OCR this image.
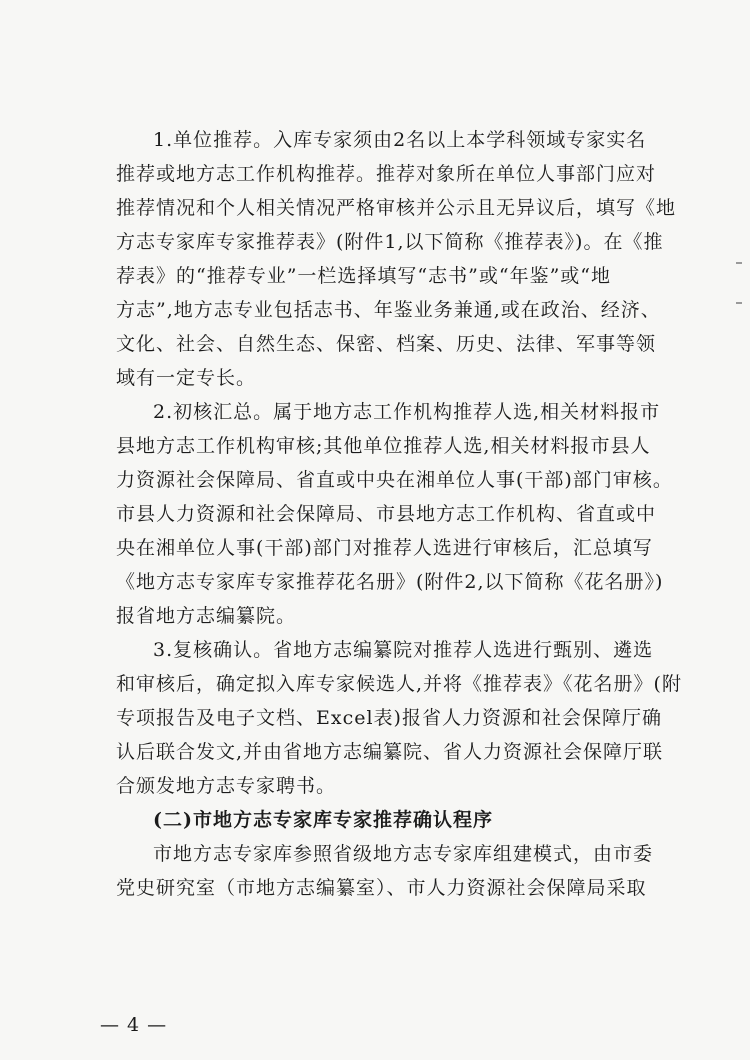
1.单位推荐。入库专家须由2名以上本学科领域专家实名
推荐或地方志工作机构推荐。推荐对象所在单位人事部门应对
推荐情况和个人相关情况严格审核并公示且无异议后，填写《地
方志专家库专家推荐表》(附件1,以下简称《推荐表》)。在《推
荐表》的“推荐专业”一栏选择填写“志书”或“年鉴”或“地
方志”,地方志专业包括志书、年鉴业务兼通,或在政治、经济、
文化、社会、自然生态、保密、档案、历史、法律、军事等领
域有一定专长。
2.初核汇总。属于地方志工作机构推荐人选,相关材料报市
县地方志工作机构审核;其他单位推荐人选,相关材料报市县人
力资源社会保障局、省直或中央在湘单位人事(干部)部门审核。
市县人力资源和社会保障局、市县地方志工作机构、省直或中
央在湘单位人事(干部)部门对推荐人选进行审核后，汇总填写
《地方志专家库专家推荐花名册》(附件2,以下简称《花名册》)
报省地方志编纂院。
3.复核确认。省地方志编纂院对推荐人选进行甄别、遴选
和审核后，确定拟入库专家候选人,并将《推荐表》《花名册》(附
专项报告及电子文档、Excel表)报省人力资源和社会保障厅确
认后联合发文,并由省地方志编纂院、省人力资源社会保障厅联
合颁发地方志专家聘书。
(二)市地方志专家库专家推荐确认程序
市地方志专家库参照省级地方志专家库组建模式，由市委
党史研究室（市地方志编纂室）、市人力资源社会保障局采取
— 4 —
